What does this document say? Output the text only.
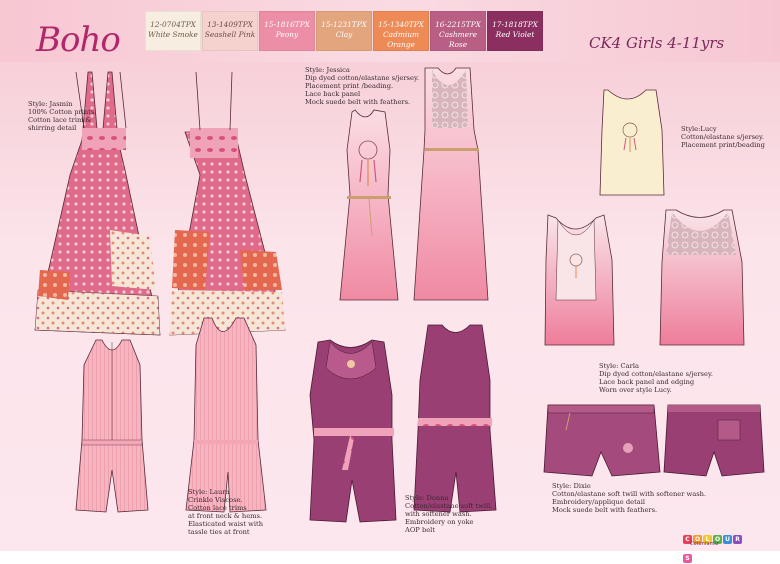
Boho	CK4 Girls 4-11yrs
12-0704TPX
White Smoke
13-1409TPX
Seashell Pink
15-1816TPX
Peony
15-1231TPX
Clay
15-1340TPX
Cadmium Orange
16-2215TPX
Cashmere Rose
17-1818TPX
Red Violet
Style: Jasmin
100% Cotton prints.
Cotton lace trim &
shirring detail
Style: Jessica
Dip dyed cotton/elastane s/jersey.
Placement print /beading.
Lace back panel
Mock suede belt with feathers.
Style:Lucy
Cotton/elastane s/jersey.
Placement print/beading
Style: Carla
Dip dyed cotton/elastane s/jersey.
Lace back panel and edging
Worn over style Lucy.
Style: Laura
Crinkle Viscose.
Cotton lace trims
at front neck & hems.
Elasticated waist with
tassle ties at front
Style: Donna
Cotton/elastane soft twill.
with softener wash.
Embroidery on yoke
AOP belt
Style: Dixie
Cotton/elastane soft twill with softener wash.
Embroidery/applique detail
Mock suede belt with feathers.
C O L O U RS
Cotonfamiz
